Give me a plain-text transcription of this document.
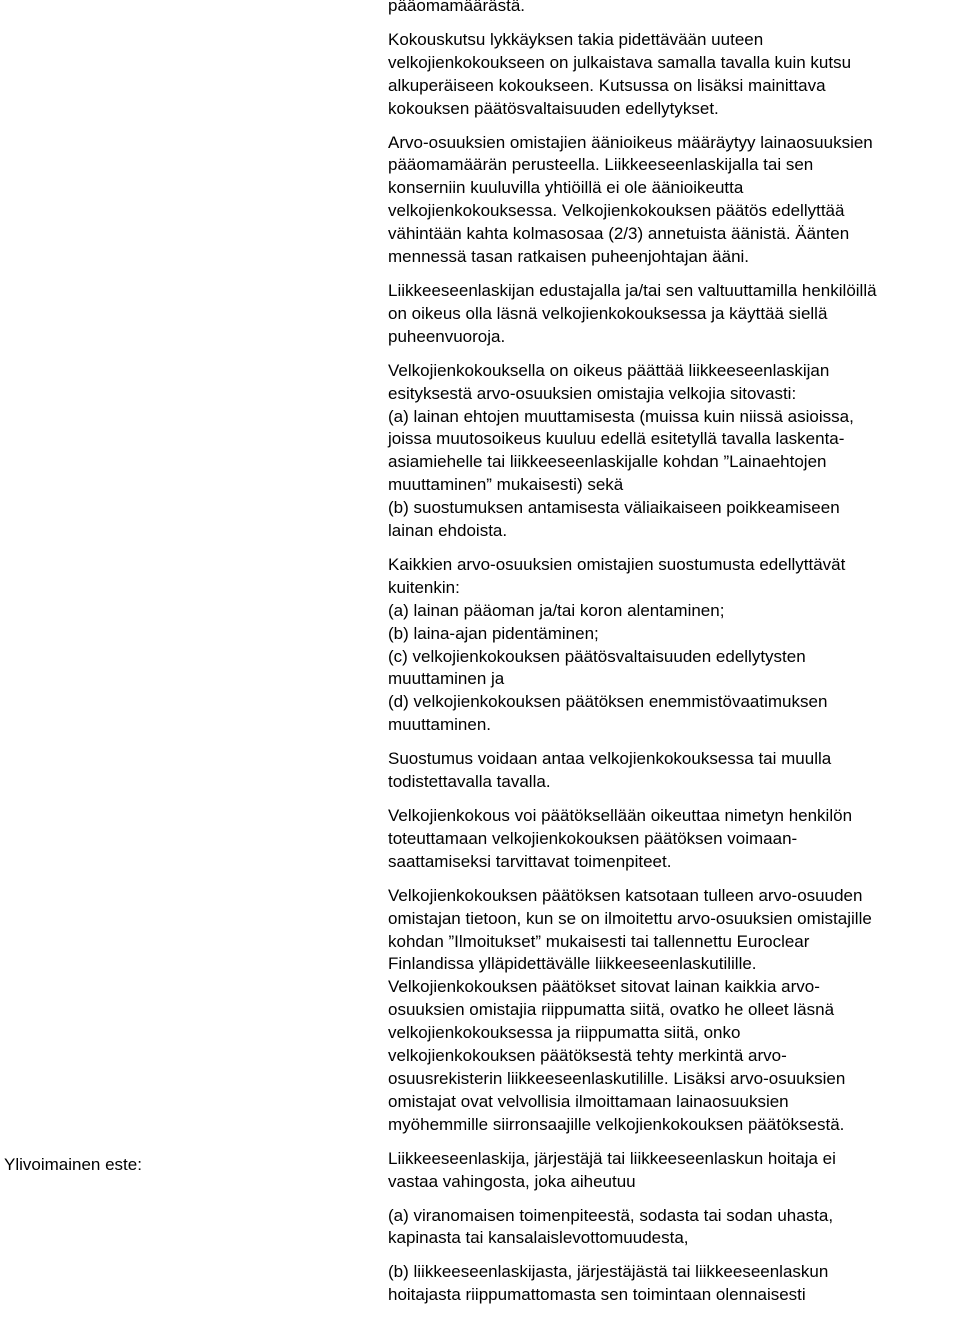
Ylivoimainen este:

pääomamäärästä.

Kokouskutsu lykkäyksen takia pidettävään uuteen
velkojienkokoukseen on julkaistava samalla tavalla kuin kutsu
alkuperäiseen kokoukseen. Kutsussa on lisäksi mainittava
kokouksen päätösvaltaisuuden edellytykset.

Arvo-osuuksien omistajien äänioikeus määräytyy lainaosuuksien
pääomamäärän perusteella. Liikkeeseenlaskijalla tai sen
konserniin kuuluvilla yhtiöillä ei ole äänioikeutta
velkojienkokouksessa. Velkojienkokouksen päätös edellyttää
vähintään kahta kolmasosaa (2/3) annetuista äänistä. Äänten
mennessä tasan ratkaisen puheenjohtajan ääni.

Liikkeeseenlaskijan edustajalla ja/tai sen valtuuttamilla henkilöillä
on oikeus olla läsnä velkojienkokouksessa ja käyttää siellä
puheenvuoroja.

Velkojienkokouksella on oikeus päättää liikkeeseenlaskijan
esityksestä arvo-osuuksien omistajia velkojia sitovasti:
(a) lainan ehtojen muuttamisesta (muissa kuin niissä asioissa,
joissa muutosoikeus kuuluu edellä esitetyllä tavalla laskenta-
asiamiehelle tai liikkeeseenlaskijalle kohdan ”Lainaehtojen
muuttaminen” mukaisesti) sekä
(b) suostumuksen antamisesta väliaikaiseen poikkeamiseen
lainan ehdoista.

Kaikkien arvo-osuuksien omistajien suostumusta edellyttävät
kuitenkin:
(a) lainan pääoman ja/tai koron alentaminen;
(b) laina-ajan pidentäminen;
(c) velkojienkokouksen päätösvaltaisuuden edellytysten
muuttaminen ja
(d) velkojienkokouksen päätöksen enemmistövaatimuksen
muuttaminen.

Suostumus voidaan antaa velkojienkokouksessa tai muulla
todistettavalla tavalla.

Velkojienkokous voi päätöksellään oikeuttaa nimetyn henkilön
toteuttamaan velkojienkokouksen päätöksen voimaan-
saattamiseksi tarvittavat toimenpiteet.

Velkojienkokouksen päätöksen katsotaan tulleen arvo-osuuden
omistajan tietoon, kun se on ilmoitettu arvo-osuuksien omistajille
kohdan ”Ilmoitukset” mukaisesti tai tallennettu Euroclear
Finlandissa ylläpidettävälle liikkeeseenlaskutilille.
Velkojienkokouksen päätökset sitovat lainan kaikkia arvo-
osuuksien omistajia riippumatta siitä, ovatko he olleet läsnä
velkojienkokouksessa ja riippumatta siitä, onko
velkojienkokouksen päätöksestä tehty merkintä arvo-
osuusrekisterin liikkeeseenlaskutilille. Lisäksi arvo-osuuksien
omistajat ovat velvollisia ilmoittamaan lainaosuuksien
myöhemmille siirronsaajille velkojienkokouksen päätöksestä.

Liikkeeseenlaskija, järjestäjä tai liikkeeseenlaskun hoitaja ei
vastaa vahingosta, joka aiheutuu

(a) viranomaisen toimenpiteestä, sodasta tai sodan uhasta,
kapinasta tai kansalaislevottomuudesta,

(b) liikkeeseenlaskijasta, järjestäjästä tai liikkeeseenlaskun
hoitajasta riippumattomasta sen toimintaan olennaisesti
